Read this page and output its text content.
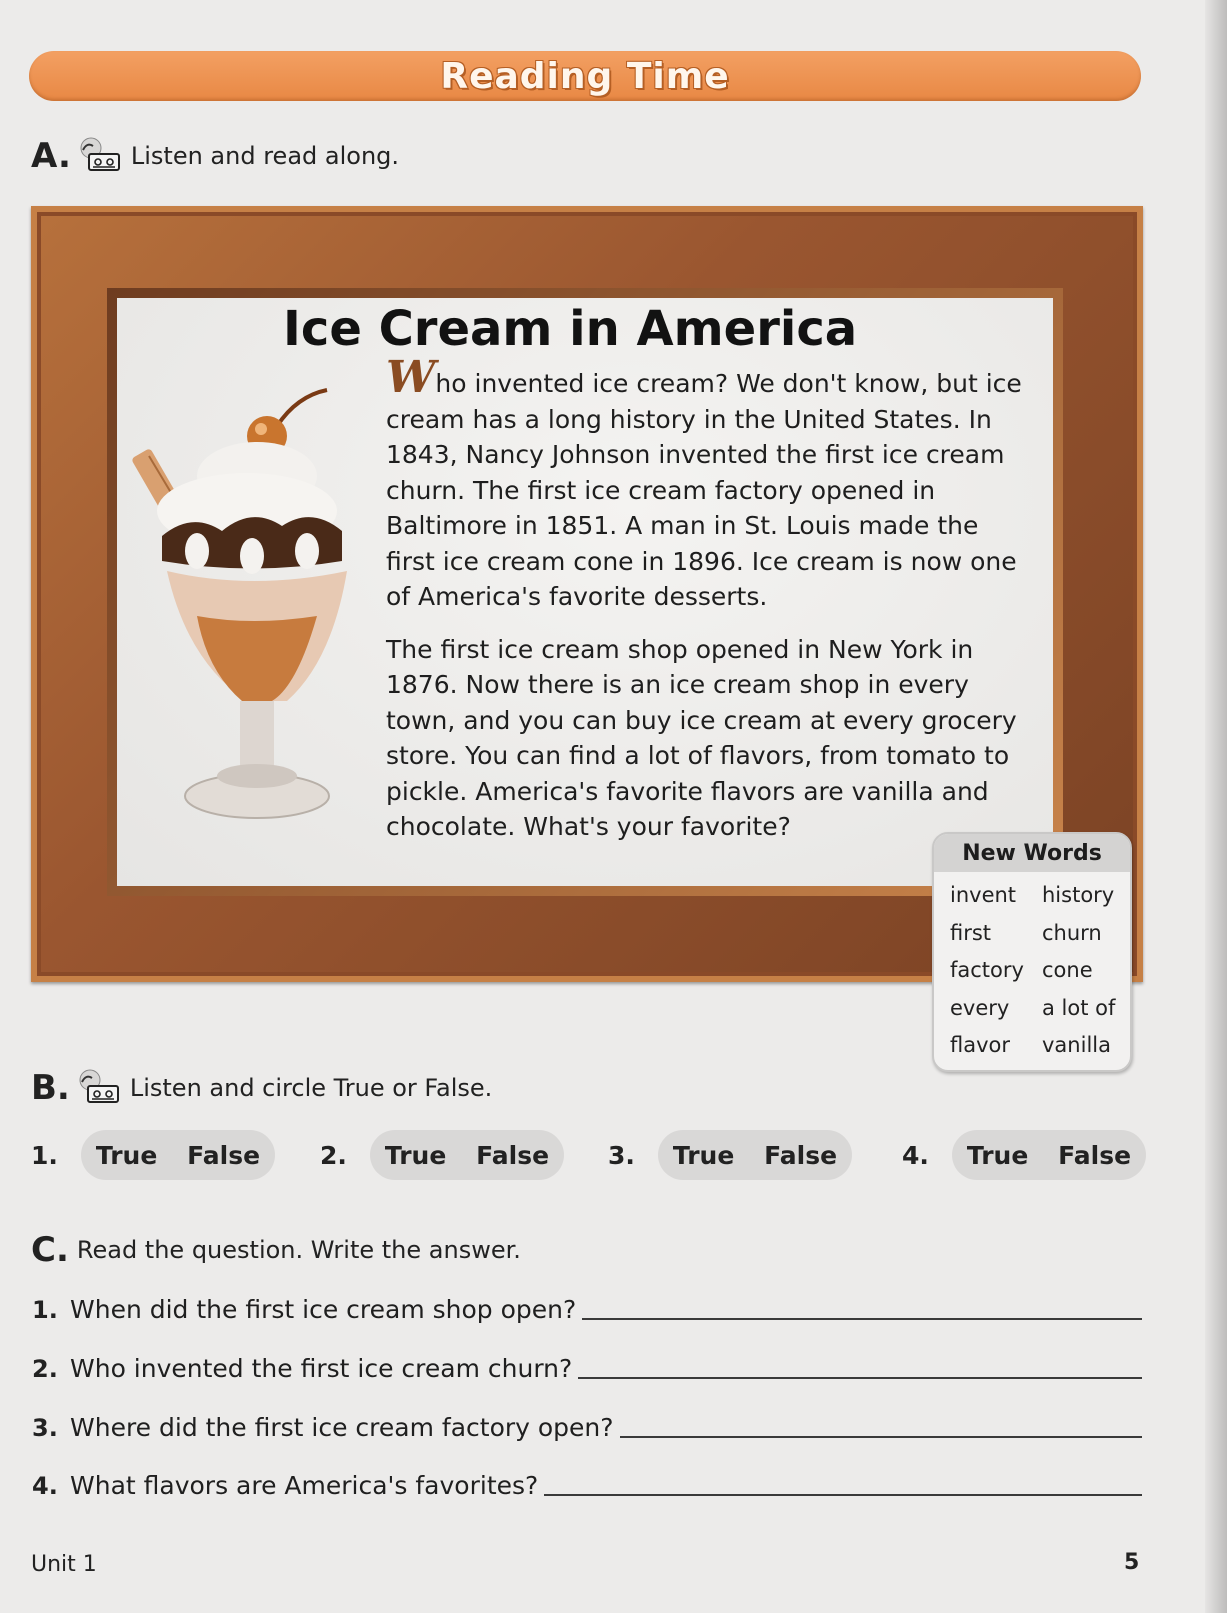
Reading Time
A.	Listen and read along.
Ice Cream in America

Who invented ice cream? We don't know, but ice cream has a long history in the United States. In 1843, Nancy Johnson invented the first ice cream churn. The first ice cream factory opened in Baltimore in 1851. A man in St. Louis made the first ice cream cone in 1896. Ice cream is now one of America's favorite desserts.

The first ice cream shop opened in New York in 1876. Now there is an ice cream shop in every town, and you can buy ice cream at every grocery store. You can find a lot of flavors, from tomato to pickle. America's favorite flavors are vanilla and chocolate. What's your favorite?

New Words
invent	history
first	churn
factory cone
every	a lot of
flavor	vanilla
B.	Listen and circle True or False.
1.	True False 2.	True False 3.	True False	4.	True False
C. Read the question. Write the answer.
1. When did the first ice cream shop open?
2. Who invented the first ice cream churn?
3. Where did the first ice cream factory open?
4. What flavors are America's favorites?
Unit 1	5
